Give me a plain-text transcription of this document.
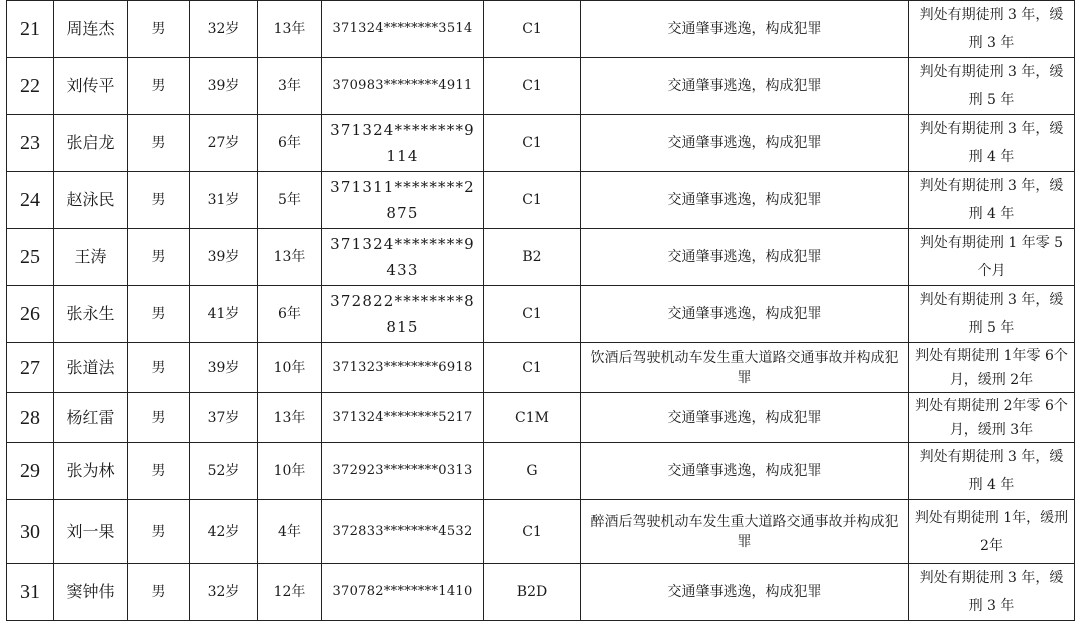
21	周连杰	男	32岁	13年	371324********3514	C1	交通肇事逃逸，构成犯罪	判处有期徒刑 3 年，缓刑 3 年
22	刘传平	男	39岁	3年	370983********4911	C1	交通肇事逃逸，构成犯罪	判处有期徒刑 3 年，缓刑 5 年
23	张启龙	男	27岁	6年	371324********9114	C1	交通肇事逃逸，构成犯罪	判处有期徒刑 3 年，缓刑 4 年
24	赵泳民	男	31岁	5年	371311********2875	C1	交通肇事逃逸，构成犯罪	判处有期徒刑 3 年，缓刑 4 年
25	王涛	男	39岁	13年	371324********9433	B2	交通肇事逃逸，构成犯罪	判处有期徒刑 1 年零 5 个月
26	张永生	男	41岁	6年	372822********8815	C1	交通肇事逃逸，构成犯罪	判处有期徒刑 3 年，缓刑 5 年
27	张道法	男	39岁	10年	371323********6918	C1	饮酒后驾驶机动车发生重大道路交通事故并构成犯罪	判处有期徒刑 1年零 6个月，缓刑 2年
28	杨红雷	男	37岁	13年	371324********5217	C1M	交通肇事逃逸，构成犯罪	判处有期徒刑 2年零 6个月，缓刑 3年
29	张为林	男	52岁	10年	372923********0313	G	交通肇事逃逸，构成犯罪	判处有期徒刑 3 年，缓刑 4 年
30	刘一果	男	42岁	4年	372833********4532	C1	醉酒后驾驶机动车发生重大道路交通事故并构成犯罪	判处有期徒刑 1年，缓刑 2年
31	窦钟伟	男	32岁	12年	370782********1410	B2D	交通肇事逃逸，构成犯罪	判处有期徒刑 3 年，缓刑 3 年
